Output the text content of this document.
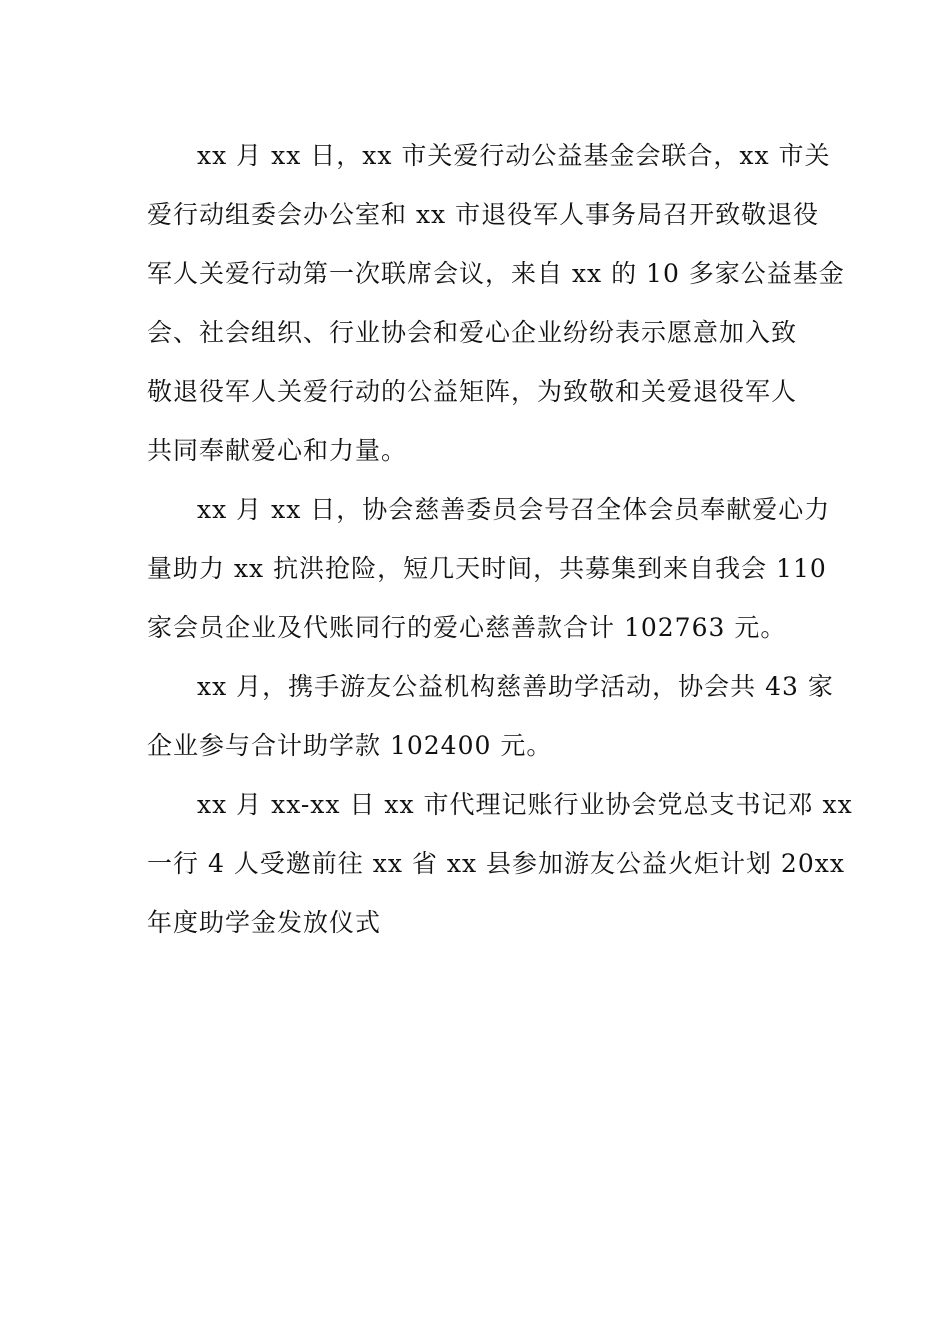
xx 月 xx 日，xx 市关爱行动公益基金会联合，xx 市关
爱行动组委会办公室和 xx 市退役军人事务局召开致敬退役
军人关爱行动第一次联席会议，来自 xx 的 10 多家公益基金
会、社会组织、行业协会和爱心企业纷纷表示愿意加入致
敬退役军人关爱行动的公益矩阵，为致敬和关爱退役军人
共同奉献爱心和力量。
xx 月 xx 日，协会慈善委员会号召全体会员奉献爱心力
量助力 xx 抗洪抢险，短几天时间，共募集到来自我会 110
家会员企业及代账同行的爱心慈善款合计 102763 元。
xx 月，携手游友公益机构慈善助学活动，协会共 43 家
企业参与合计助学款 102400 元。
xx 月 xx-xx 日 xx 市代理记账行业协会党总支书记邓 xx
一行 4 人受邀前往 xx 省 xx 县参加游友公益火炬计划 20xx
年度助学金发放仪式
